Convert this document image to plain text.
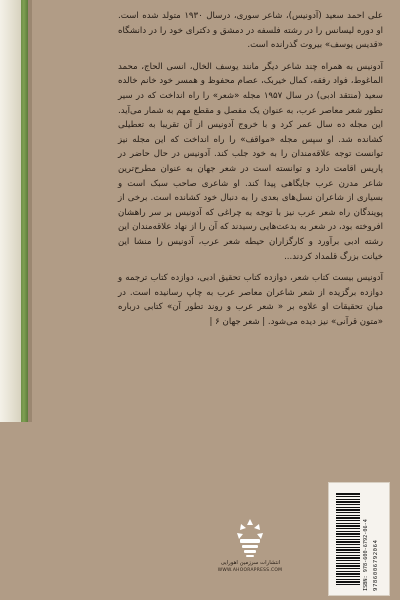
علی احمد سعید (آدونیس)، شاعر سوری، درسال ۱۹۳۰ متولد شده است. او دوره لیسانس را در رشته فلسفه در دمشق و دکترای خود را در دانشگاه «قدیس یوسف» بیروت گذرانده است.

آدونیس به همراه چند شاعر دیگر مانند یوسف الخال، انسی الحاج، محمد الماغوط، فواد رفقه، کمال خیربک، عصام محفوظ و همسر خود خانم خالده سعید (منتقد ادبی) در سال ۱۹۵۷ مجله «شعر» را راه انداخت که در سیر تطور شعر معاصر عرب، به عنوان یک مفصل و مقطع مهم به شمار می‌آید. این مجله ده سال عمر کرد و با خروج آدونیس از آن تقریبا به تعطیلی کشانده شد. او سپس مجله «مواقف» را راه انداخت که این مجله نیز توانست توجه علاقه‌مندان را به خود جلب کند. آدونیس در حال حاضر در پاریس اقامت دارد و توانسته است در شعر جهان به عنوان مطرح‌ترین شاعر مدرن عرب جایگاهی پیدا کند. او شاعری صاحب سبک است و بسیاری از شاعران نسل‌های بعدی را به دنبال خود کشانده است. برخی از پویندگان راه شعر عرب نیز با توجه به چراغی که آدونیس بر سر راهشان افروخته بود، در شعر به بدعت‌هایی رسیدند که آن را از نهاد علاقه‌مندان این رشته ادبی برآورد و کارگزاران حیطه شعر عرب، آدونیس را منشا این خیانت بزرگ قلمداد کردند...

آدونیس بیست کتاب شعر، دوازده کتاب تحقیق ادبی، دوازده کتاب ترجمه و دوازده برگزیده از شعر شاعران معاصر عرب به چاپ رسانیده است. در میان تحقیقات او علاوه بر « شعر عرب و روند تطور آن» کتابی درباره «متون قرآنی» نیز دیده می‌شود. | شعر جهان ۶ |

انتشارات سرزمین اهورایی
WWW.AHOORAPRESS.COM	ISBN: 978-600-6792-06-4 9786006792064
